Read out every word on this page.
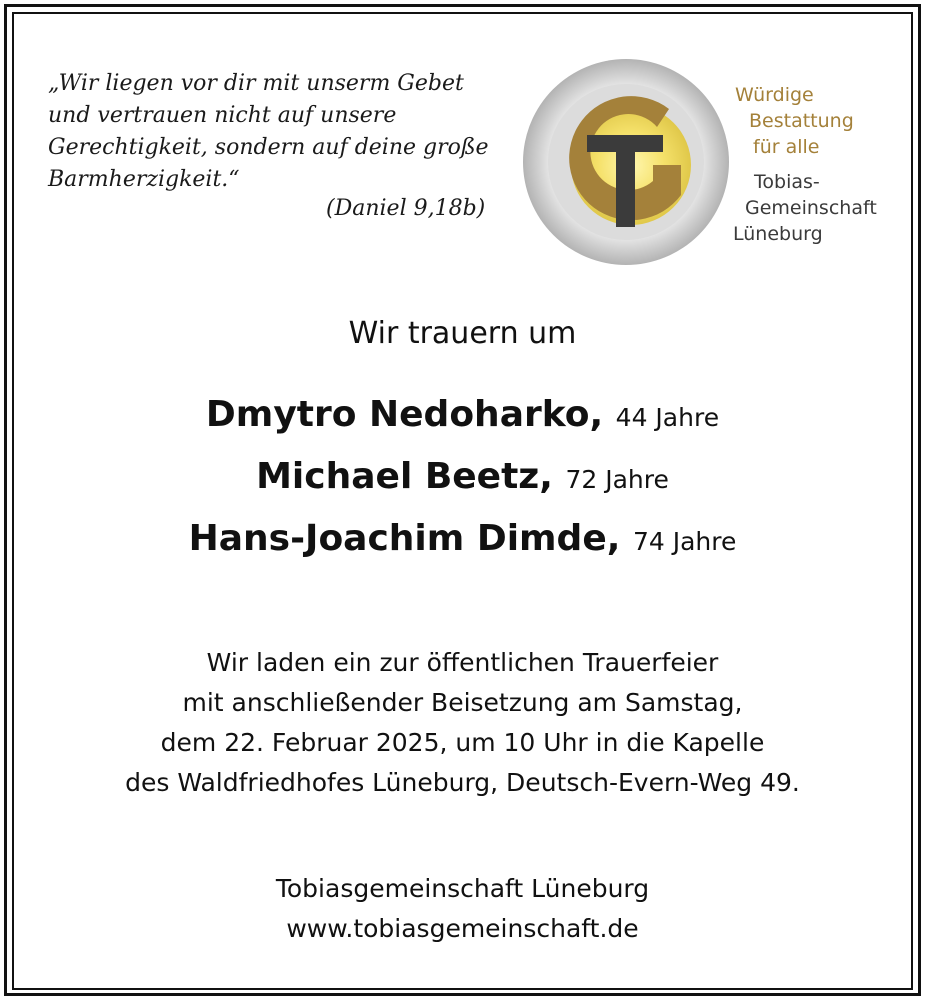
„Wir liegen vor dir mit unserm Gebet
und vertrauen nicht auf unsere
Gerechtigkeit, sondern auf deine große
Barmherzigkeit.“
(Daniel 9,18b)
Würdige
Bestattung
für alle
Tobias-
Gemeinschaft
Lüneburg
Wir trauern um
Dmytro Nedoharko, 44 Jahre
Michael Beetz, 72 Jahre
Hans-Joachim Dimde, 74 Jahre
Wir laden ein zur öffentlichen Trauerfeier
mit anschließender Beisetzung am Samstag,
dem 22. Februar 2025, um 10 Uhr in die Kapelle
des Waldfriedhofes Lüneburg, Deutsch-Evern-Weg 49.
Tobiasgemeinschaft Lüneburg
www.tobiasgemeinschaft.de
